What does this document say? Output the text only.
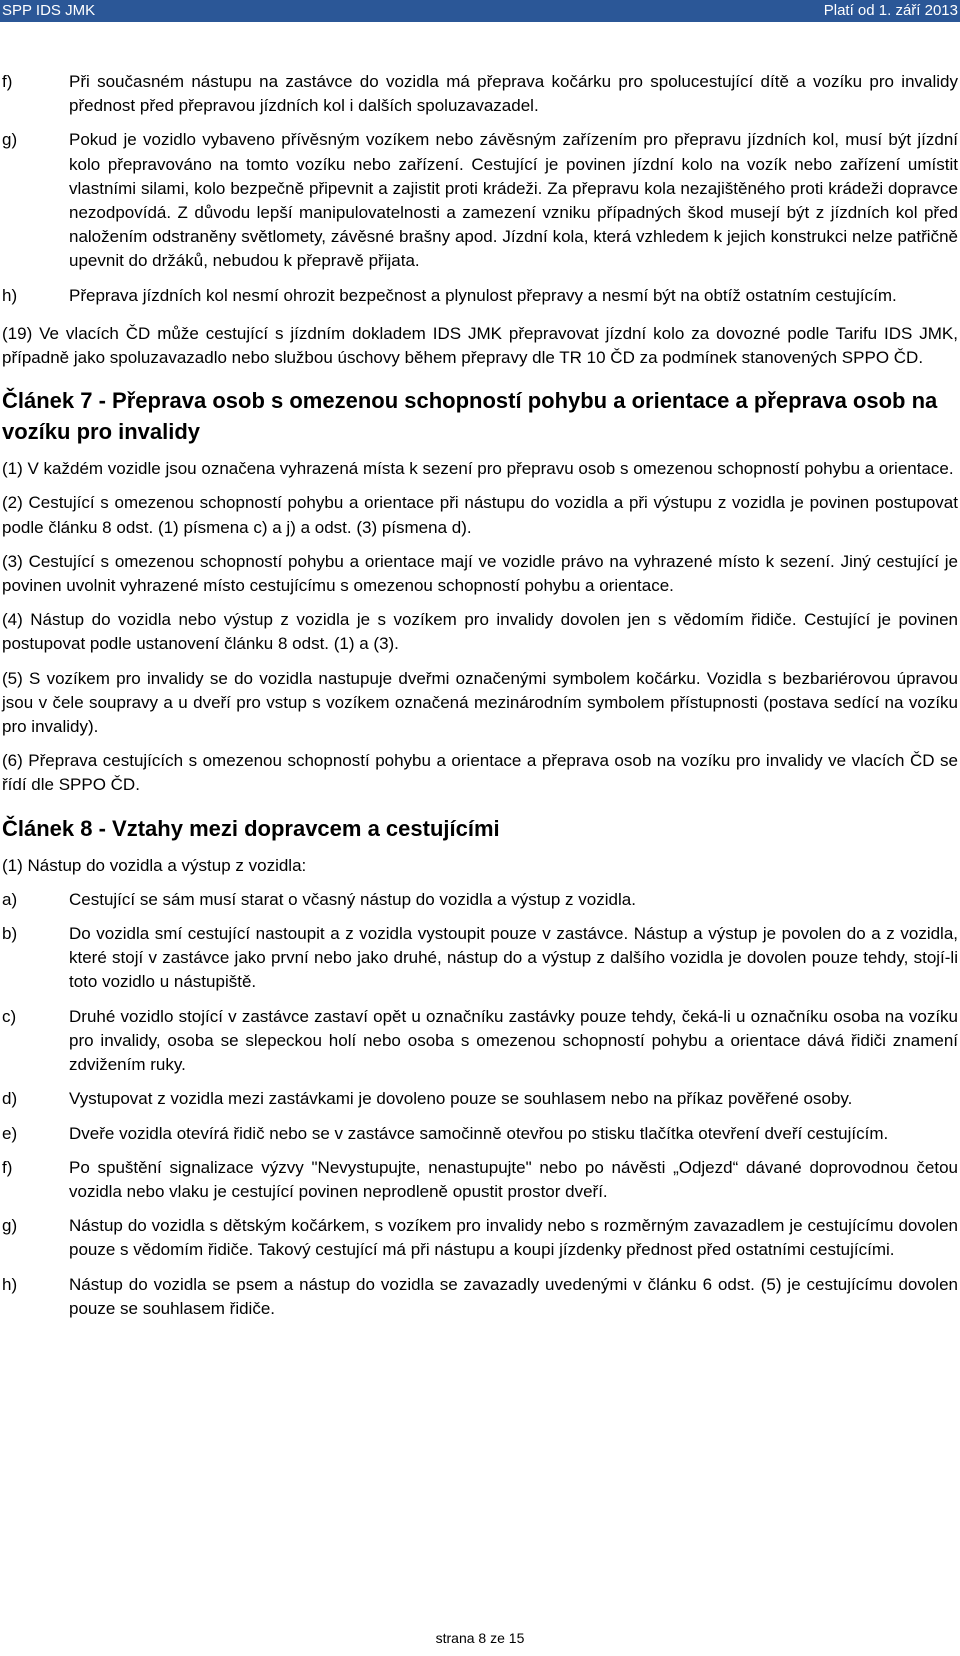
SPP IDS JMK	Platí od 1. září 2013
f)	Při současném nástupu na zastávce do vozidla má přeprava kočárku pro spolucestující dítě a vozíku pro invalidy přednost před přepravou jízdních kol i dalších spoluzavazadel.
g)	Pokud je vozidlo vybaveno přívěsným vozíkem nebo závěsným zařízením pro přepravu jízdních kol, musí být jízdní kolo přepravováno na tomto vozíku nebo zařízení. Cestující je povinen jízdní kolo na vozík nebo zařízení umístit vlastními silami, kolo bezpečně připevnit a zajistit proti krádeži. Za přepravu kola nezajištěného proti krádeži dopravce nezodpovídá. Z důvodu lepší manipulovatelnosti a zamezení vzniku případných škod musejí být z jízdních kol před naložením odstraněny světlomety, závěsné brašny apod. Jízdní kola, která vzhledem k jejich konstrukci nelze patřičně upevnit do držáků, nebudou k přepravě přijata.
h)	Přeprava jízdních kol nesmí ohrozit bezpečnost a plynulost přepravy a nesmí být na obtíž ostatním cestujícím.

(19) Ve vlacích ČD může cestující s jízdním dokladem IDS JMK přepravovat jízdní kolo za dovozné podle Tarifu IDS JMK, případně jako spoluzavazadlo nebo službou úschovy během přepravy dle TR 10 ČD za podmínek stanovených SPPO ČD.

Článek 7 - Přeprava osob s omezenou schopností pohybu a orientace a přeprava osob na vozíku pro invalidy

(1) V každém vozidle jsou označena vyhrazená místa k sezení pro přepravu osob s omezenou schopností pohybu a orientace.

(2) Cestující s omezenou schopností pohybu a orientace při nástupu do vozidla a při výstupu z vozidla je povinen postupovat podle článku 8 odst. (1) písmena c) a j) a odst. (3) písmena d).

(3) Cestující s omezenou schopností pohybu a orientace mají ve vozidle právo na vyhrazené místo k sezení. Jiný cestující je povinen uvolnit vyhrazené místo cestujícímu s omezenou schopností pohybu a orientace.

(4) Nástup do vozidla nebo výstup z vozidla je s vozíkem pro invalidy dovolen jen s vědomím řidiče. Cestující je povinen postupovat podle ustanovení článku 8 odst. (1) a (3).

(5) S vozíkem pro invalidy se do vozidla nastupuje dveřmi označenými symbolem kočárku. Vozidla s bezbariérovou úpravou jsou v čele soupravy a u dveří pro vstup s vozíkem označená mezinárodním symbolem přístupnosti (postava sedící na vozíku pro invalidy).

(6) Přeprava cestujících s omezenou schopností pohybu a orientace a přeprava osob na vozíku pro invalidy ve vlacích ČD se řídí dle SPPO ČD.

Článek 8 - Vztahy mezi dopravcem a cestujícími

(1) Nástup do vozidla a výstup z vozidla:

a)	Cestující se sám musí starat o včasný nástup do vozidla a výstup z vozidla.
b)	Do vozidla smí cestující nastoupit a z vozidla vystoupit pouze v zastávce. Nástup a výstup je povolen do a z vozidla, které stojí v zastávce jako první nebo jako druhé, nástup do a výstup z dalšího vozidla je dovolen pouze tehdy, stojí-li toto vozidlo u nástupiště.
c)	Druhé vozidlo stojící v zastávce zastaví opět u označníku zastávky pouze tehdy, čeká-li u označníku osoba na vozíku pro invalidy, osoba se slepeckou holí nebo osoba s omezenou schopností pohybu a orientace dává řidiči znamení zdvižením ruky.
d)	Vystupovat z vozidla mezi zastávkami je dovoleno pouze se souhlasem nebo na příkaz pověřené osoby.
e)	Dveře vozidla otevírá řidič nebo se v zastávce samočinně otevřou po stisku tlačítka otevření dveří cestujícím.
f)	Po spuštění signalizace výzvy "Nevystupujte, nenastupujte" nebo po návěsti „Odjezd“ dávané doprovodnou četou vozidla nebo vlaku je cestující povinen neprodleně opustit prostor dveří.
g)	Nástup do vozidla s dětským kočárkem, s vozíkem pro invalidy nebo s rozměrným zavazadlem je cestujícímu dovolen pouze s vědomím řidiče. Takový cestující má při nástupu a koupi jízdenky přednost před ostatními cestujícími.
h)	Nástup do vozidla se psem a nástup do vozidla se zavazadly uvedenými v článku 6 odst. (5) je cestujícímu dovolen pouze se souhlasem řidiče.
strana 8 ze 15
